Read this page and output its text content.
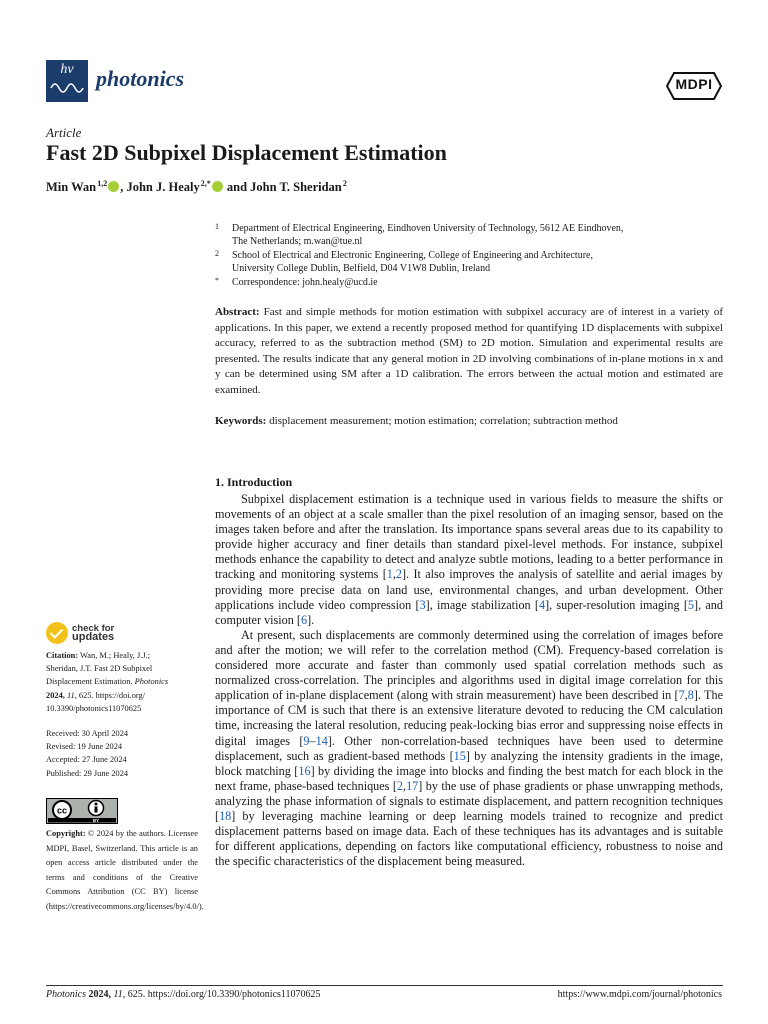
hv	photonics	MDPI
Article
Fast 2D Subpixel Displacement Estimation
Min Wan $^{1,2}$ , John J. Healy $^{2,*}$ and John T. Sheridan $^2$
1 Department of Electrical Engineering, Eindhoven University of Technology, 5612 AE Eindhoven,
The Netherlands; m.wan@tue.nl
2 School of Electrical and Electronic Engineering, College of Engineering and Architecture,
University College Dublin, Belfield, D04 V1W8 Dublin, Ireland
* Correspondence: john.healy@ucd.ie

Abstract: Fast and simple methods for motion estimation with subpixel accuracy are of interest in a variety of applications. In this paper, we extend a recently proposed method for quantifying 1D displacements with subpixel accuracy, referred to as the subtraction method (SM) to 2D motion. Simulation and experimental results are presented. The results indicate that any general motion in 2D involving combinations of in-plane motions in x and y can be determined using SM after a 1D calibration. The errors between the actual motion and estimated are examined.

Keywords: displacement measurement; motion estimation; correlation; subtraction method

1. Introduction

Subpixel displacement estimation is a technique used in various fields to measure the shifts or movements of an object at a scale smaller than the pixel resolution of an imaging sensor, based on the images taken before and after the translation. Its importance spans several areas due to its capability to provide higher accuracy and finer details than standard pixel-level methods. For instance, subpixel methods enhance the capability to detect and analyze subtle motions, leading to a better performance in tracking and monitoring systems [1,2]. It also improves the analysis of satellite and aerial images by providing more precise data on land use, environmental changes, and urban development. Other applications include video compression [3], image stabilization [4], super-resolution imaging [5], and computer vision [6].

At present, such displacements are commonly determined using the correlation of images before and after the motion; we will refer to the correlation method (CM). Frequency-based correlation is considered more accurate and faster than commonly used spatial correlation methods such as normalized cross-correlation. The principles and algorithms used in digital image correlation for this application of in-plane displacement (along with strain measurement) have been described in [7,8]. The importance of CM is such that there is an extensive literature devoted to reducing the CM calculation time, increasing the lateral resolution, reducing peak-locking bias error and suppressing noise effects in digital images [9–14]. Other non-correlation-based techniques have been used to determine displacement, such as gradient-based methods [15] by analyzing the intensity gradients in the image, block matching [16] by dividing the image into blocks and finding the best match for each block in the next frame, phase-based techniques [2,17] by the use of phase gradients or phase unwrapping methods, analyzing the phase information of signals to estimate displacement, and pattern recognition techniques [18] by leveraging machine learning or deep learning models trained to recognize and predict displacement patterns based on image data. Each of these techniques has its advantages and is suitable for different applications, depending on factors like computational efficiency, robustness to noise and the specific characteristics of the displacement being measured.

check for
updates
Citation: Wan, M.; Healy, J.J.;
Sheridan, J.T. Fast 2D Subpixel
Displacement Estimation. Photonics
2024, 11, 625. https://doi.org/
10.3390/photonics11070625
Received: 30 April 2024
Revised: 19 June 2024
Accepted: 27 June 2024
Published: 29 June 2024
cc
BY
Copyright: © 2024 by the authors. Licensee MDPI, Basel, Switzerland. This article is an open access article distributed under the terms and conditions of the Creative Commons Attribution (CC BY) license (https://creativecommons.org/licenses/by/4.0/).
Photonics 2024, 11, 625. https://doi.org/10.3390/photonics11070625	https://www.mdpi.com/journal/photonics
